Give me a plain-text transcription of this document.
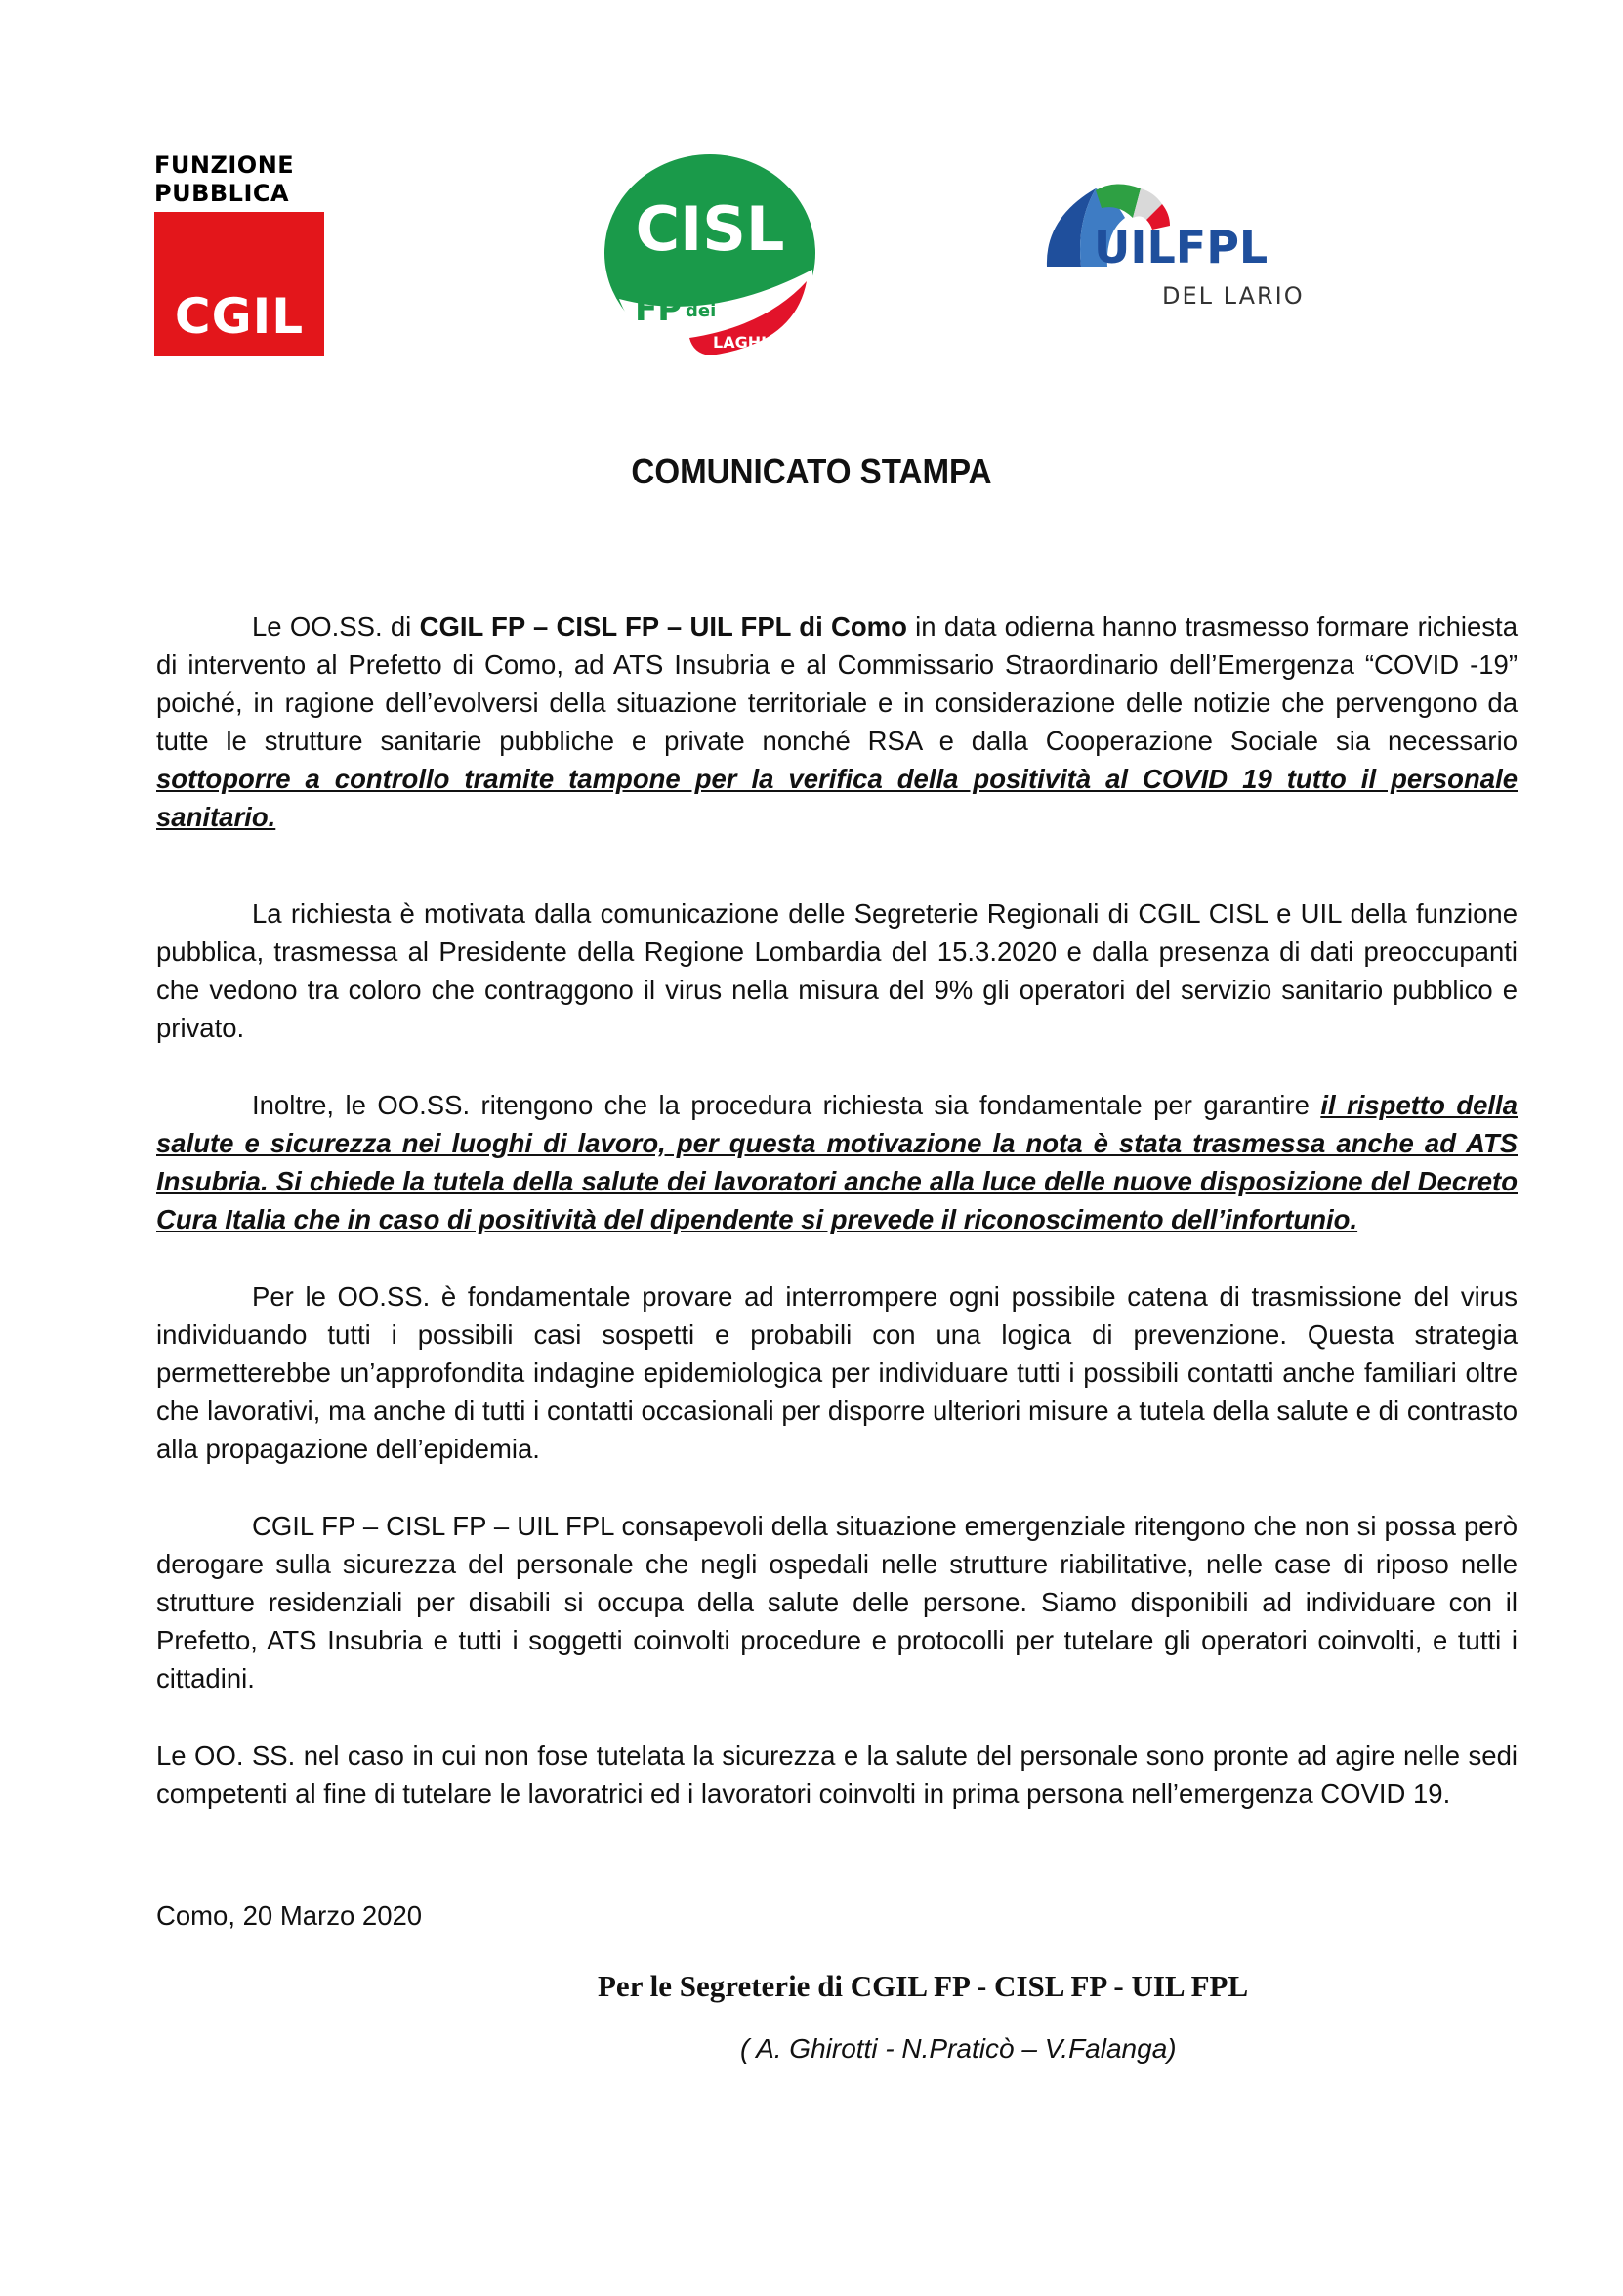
FUNZIONE
PUBBLICA
CGIL
CISL
FP dei
LAGHI
UILFPL
DEL LARIO
COMUNICATO STAMPA

Le OO.SS. di CGIL FP – CISL FP – UIL FPL di Como in data odierna hanno trasmesso formare richiesta di intervento al Prefetto di Como, ad ATS Insubria e al Commissario Straordinario dell’Emergenza “COVID -19” poiché, in ragione dell’evolversi della situazione territoriale e in considerazione delle notizie che pervengono da tutte le strutture sanitarie pubbliche e private nonché RSA e dalla Cooperazione Sociale sia necessario sottoporre a controllo tramite tampone per la verifica della positività al COVID 19 tutto il personale sanitario.

La richiesta è motivata dalla comunicazione delle Segreterie Regionali di CGIL CISL e UIL della funzione pubblica, trasmessa al Presidente della Regione Lombardia del 15.3.2020 e dalla presenza di dati preoccupanti che vedono tra coloro che contraggono il virus nella misura del 9% gli operatori del servizio sanitario pubblico e privato.

Inoltre, le OO.SS. ritengono che la procedura richiesta sia fondamentale per garantire il rispetto della salute e sicurezza nei luoghi di lavoro, per questa motivazione la nota è stata trasmessa anche ad ATS Insubria. Si chiede la tutela della salute dei lavoratori anche alla luce delle nuove disposizione del Decreto Cura Italia che in caso di positività del dipendente si prevede il riconoscimento dell’infortunio.

Per le OO.SS. è fondamentale provare ad interrompere ogni possibile catena di trasmissione del virus individuando tutti i possibili casi sospetti e probabili con una logica di prevenzione. Questa strategia permetterebbe un’approfondita indagine epidemiologica per individuare tutti i possibili contatti anche familiari oltre che lavorativi, ma anche di tutti i contatti occasionali per disporre ulteriori misure a tutela della salute e di contrasto alla propagazione dell’epidemia.

CGIL FP – CISL FP – UIL FPL consapevoli della situazione emergenziale ritengono che non si possa però derogare sulla sicurezza del personale che negli ospedali nelle strutture riabilitative, nelle case di riposo nelle strutture residenziali per disabili si occupa della salute delle persone. Siamo disponibili ad individuare con il Prefetto, ATS Insubria e tutti i soggetti coinvolti procedure e protocolli per tutelare gli operatori coinvolti, e tutti i cittadini.

Le OO. SS. nel caso in cui non fose tutelata la sicurezza e la salute del personale sono pronte ad agire nelle sedi competenti al fine di tutelare le lavoratrici ed i lavoratori coinvolti in prima persona nell’emergenza COVID 19.

Como, 20 Marzo 2020
Per le Segreterie di CGIL FP - CISL FP - UIL FPL
( A. Ghirotti - N.Praticò – V.Falanga)
